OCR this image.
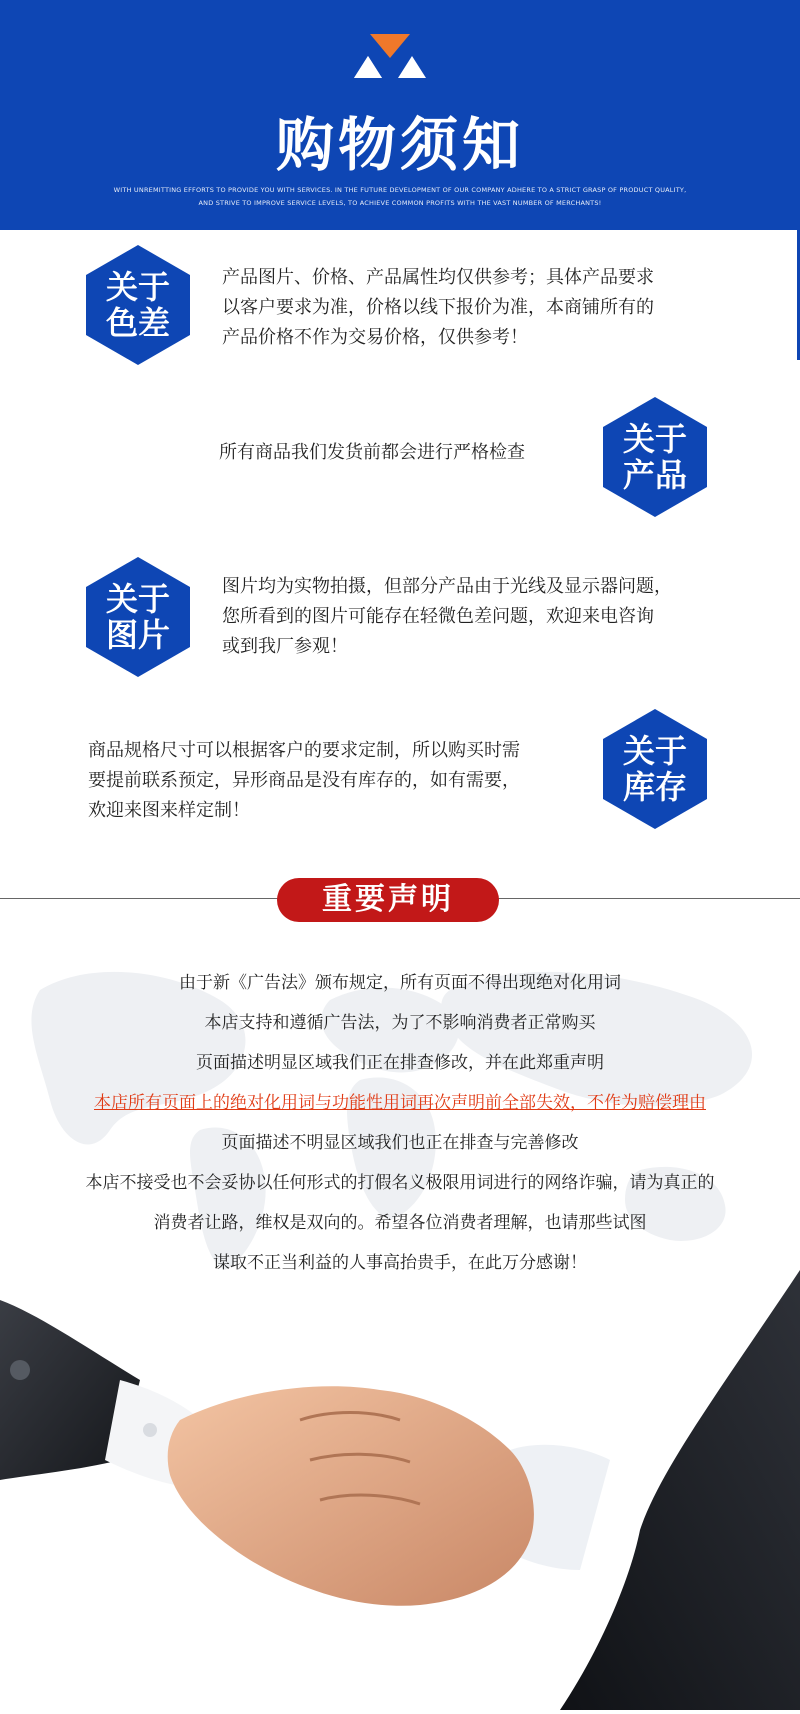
购物须知
WITH UNREMITTING EFFORTS TO PROVIDE YOU WITH SERVICES. IN THE FUTURE DEVELOPMENT OF OUR COMPANY ADHERE TO A STRICT GRASP OF PRODUCT QUALITY, AND STRIVE TO IMPROVE SERVICE LEVELS, TO ACHIEVE COMMON PROFITS WITH THE VAST NUMBER OF MERCHANTS!
关于
色差
产品图片、价格、产品属性均仅供参考；具体产品要求
以客户要求为准，价格以线下报价为准，本商铺所有的
产品价格不作为交易价格，仅供参考！
所有商品我们发货前都会进行严格检查	关于
产品
关于
图片
图片均为实物拍摄，但部分产品由于光线及显示器问题，
您所看到的图片可能存在轻微色差问题，欢迎来电咨询
或到我厂参观！
商品规格尺寸可以根据客户的要求定制，所以购买时需
要提前联系预定，异形商品是没有库存的，如有需要，
欢迎来图来样定制！
关于
库存
重要声明
由于新《广告法》颁布规定，所有页面不得出现绝对化用词
本店支持和遵循广告法，为了不影响消费者正常购买
页面描述明显区域我们正在排查修改，并在此郑重声明
本店所有页面上的绝对化用词与功能性用词再次声明前全部失效，不作为赔偿理由
页面描述不明显区域我们也正在排查与完善修改
本店不接受也不会妥协以任何形式的打假名义极限用词进行的网络诈骗，请为真正的
消费者让路，维权是双向的。希望各位消费者理解，也请那些试图
谋取不正当利益的人事高抬贵手，在此万分感谢！
